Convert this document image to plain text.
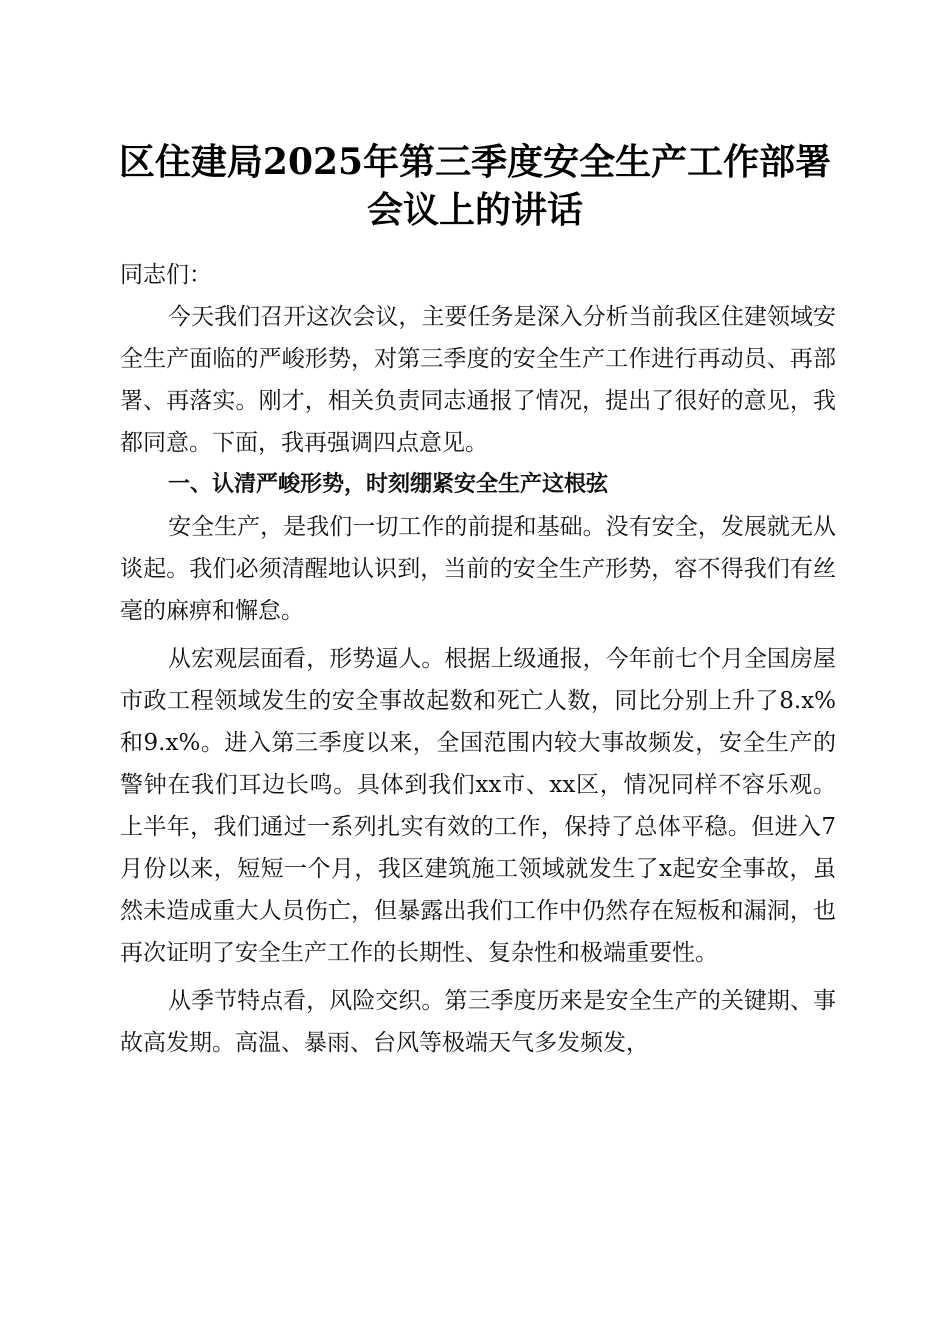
区住建局2025年第三季度安全生产工作部署
会议上的讲话

同志们：

今天我们召开这次会议，主要任务是深入分析当前我区住建领域安全生产面临的严峻形势，对第三季度的安全生产工作进行再动员、再部署、再落实。刚才，相关负责同志通报了情况，提出了很好的意见，我都同意。下面，我再强调四点意见。

一、认清严峻形势，时刻绷紧安全生产这根弦

安全生产，是我们一切工作的前提和基础。没有安全，发展就无从谈起。我们必须清醒地认识到，当前的安全生产形势，容不得我们有丝毫的麻痹和懈怠。

从宏观层面看，形势逼人。根据上级通报，今年前七个月全国房屋市政工程领域发生的安全事故起数和死亡人数，同比分别上升了8.x%和9.x%。进入第三季度以来，全国范围内较大事故频发，安全生产的警钟在我们耳边长鸣。具体到我们xx市、xx区，情况同样不容乐观。上半年，我们通过一系列扎实有效的工作，保持了总体平稳。但进入7月份以来，短短一个月，我区建筑施工领域就发生了x起安全事故，虽然未造成重大人员伤亡，但暴露出我们工作中仍然存在短板和漏洞，也再次证明了安全生产工作的长期性、复杂性和极端重要性。

从季节特点看，风险交织。第三季度历来是安全生产的关键期、事故高发期。高温、暴雨、台风等极端天气多发频发，
